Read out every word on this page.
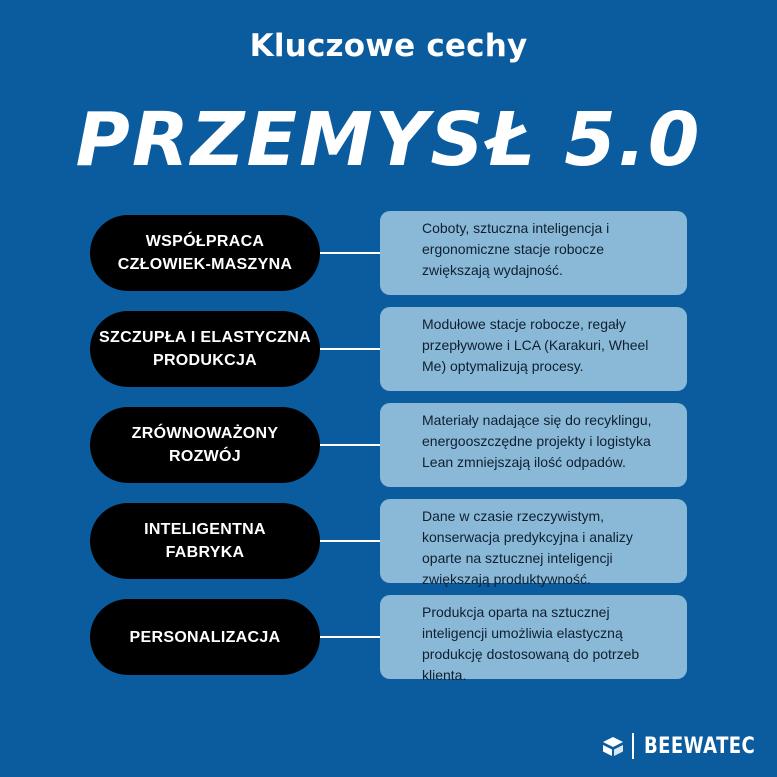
Kluczowe cechy
PRZEMYSŁ 5.0
WSPÓŁPRACA
CZŁOWIEK-MASZYNA
Coboty, sztuczna inteligencja i ergonomiczne stacje robocze zwiększają wydajność.
SZCZUPŁA I ELASTYCZNA
PRODUKCJA
Modułowe stacje robocze, regały przepływowe i LCA (Karakuri, Wheel Me) optymalizują procesy.
ZRÓWNOWAŻONY
ROZWÓJ
Materiały nadające się do recyklingu, energooszczędne projekty i logistyka Lean zmniejszają ilość odpadów.
INTELIGENTNA
FABRYKA
Dane w czasie rzeczywistym, konserwacja predykcyjna i analizy oparte na sztucznej inteligencji zwiększają produktywność.
PERSONALIZACJA
Produkcja oparta na sztucznej inteligencji umożliwia elastyczną produkcję dostosowaną do potrzeb klienta.
BEEWATEC
